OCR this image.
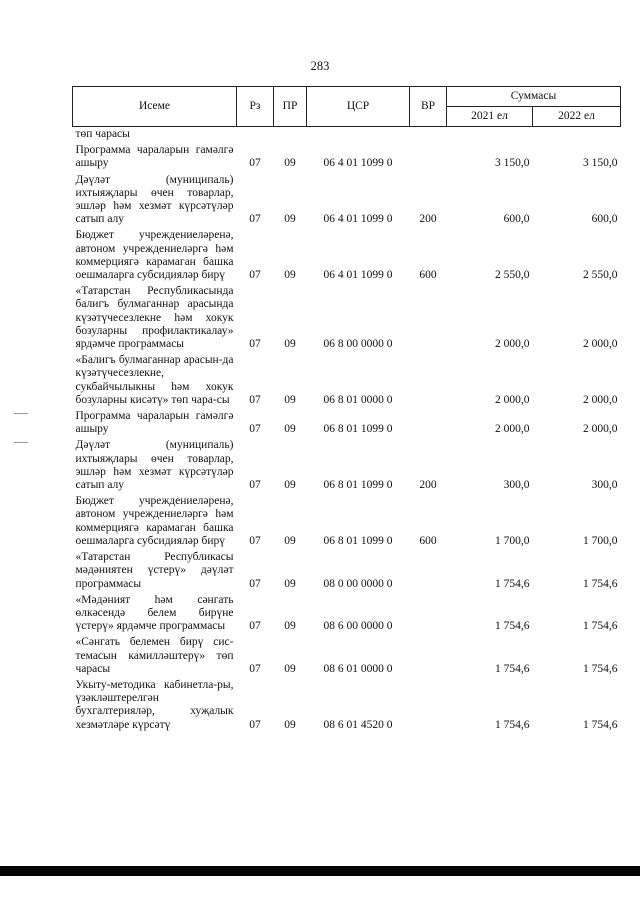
283
Исеме	Рз	ПР	ЦСР	ВР	Суммасы	
					2021 ел	2022 ел
төп чарасы						
Программа чараларын гамәлгә ашыру	07	09	06 4 01 1099 0		3 150,0	3 150,0
Дәүләт (муниципаль) ихтыяҗлары өчен товарлар, эшләр һәм хезмәт күрсәтүләр сатып алу	07	09	06 4 01 1099 0	200	600,0	600,0
Бюджет учреждениеләренә, автоном учреждениеләргә һәм коммерциягә карамаган башка оешмаларга субсидияләр бирү	07	09	06 4 01 1099 0	600	2 550,0	2 550,0
«Татарстан Республикасында балигъ булмаганнар арасында күзәтүчесезлекне һәм хокук бозуларны профилактикалау» ярдәмче программасы	07	09	06 8 00 0000 0		2 000,0	2 000,0
«Балигъ булмаганнар арасын-да күзәтүчесезлекне, сукбайчылыкны һәм хокук бозуларны кисәтү» төп чара-сы	07	09	06 8 01 0000 0		2 000,0	2 000,0
Программа чараларын гамәлгә ашыру	07	09	06 8 01 1099 0		2 000,0	2 000,0
Дәүләт (муниципаль) ихтыяҗлары өчен товарлар, эшләр һәм хезмәт күрсәтүләр сатып алу	07	09	06 8 01 1099 0	200	300,0	300,0
Бюджет учреждениеләренә, автоном учреждениеләргә һәм коммерциягә карамаган башка оешмаларга субсидияләр бирү	07	09	06 8 01 1099 0	600	1 700,0	1 700,0
«Татарстан Республикасы мәдәниятен үстерү» дәүләт программасы	07	09	08 0 00 0000 0		1 754,6	1 754,6
«Мәдәният һәм сәнгать өлкәсендә белем бирүне үстерү» ярдәмче программасы	07	09	08 6 00 0000 0		1 754,6	1 754,6
«Сәнгать белемен бирү сис-темасын камилләштерү» төп чарасы	07	09	08 6 01 0000 0		1 754,6	1 754,6
Укыту-методика кабинетла-ры, үзәкләштерелгән бухгалтерияләр, хуҗалык хезмәтләре күрсәтү	07	09	08 6 01 4520 0		1 754,6	1 754,6
